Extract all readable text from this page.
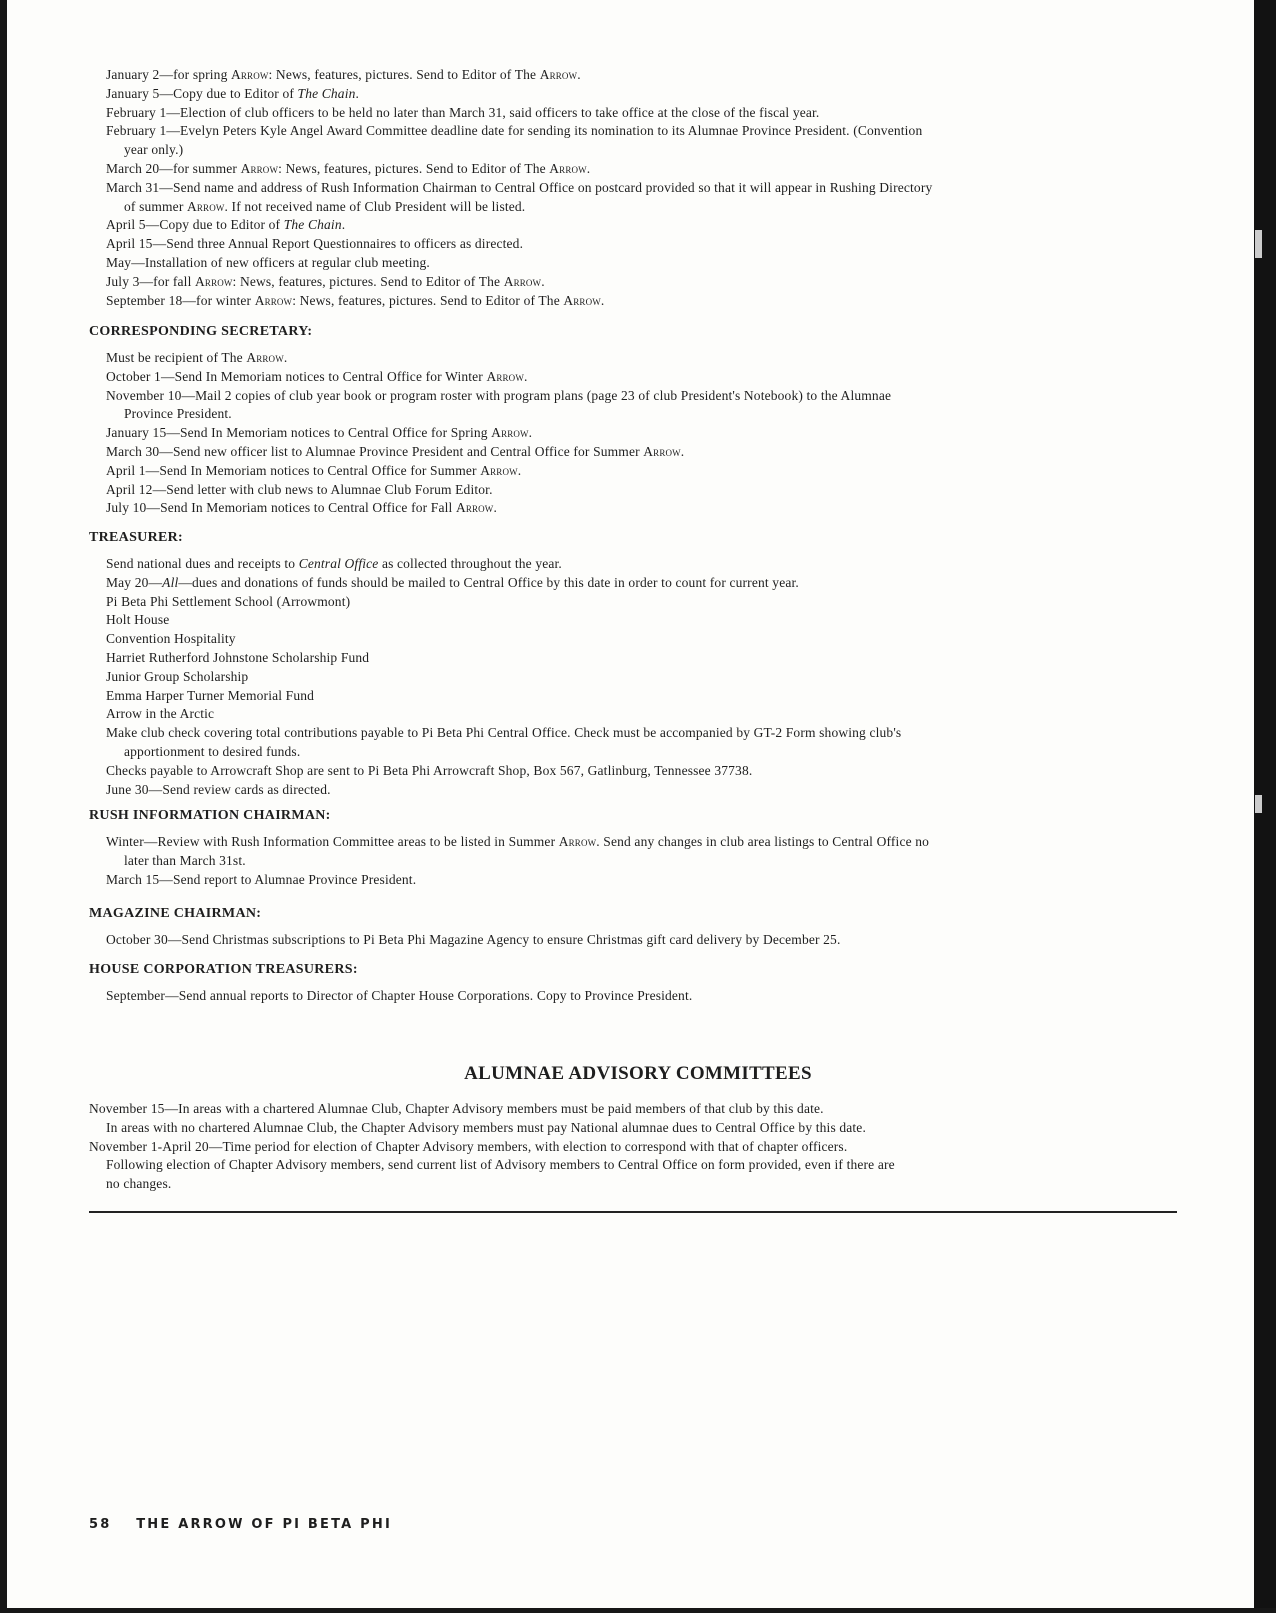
January 2—for spring Arrow: News, features, pictures. Send to Editor of The Arrow.

January 5—Copy due to Editor of The Chain.

February 1—Election of club officers to be held no later than March 31, said officers to take office at the close of the fiscal year.

February 1—Evelyn Peters Kyle Angel Award Committee deadline date for sending its nomination to its Alumnae Province President. (Convention
year only.)

March 20—for summer Arrow: News, features, pictures. Send to Editor of The Arrow.

March 31—Send name and address of Rush Information Chairman to Central Office on postcard provided so that it will appear in Rushing Directory
of summer Arrow. If not received name of Club President will be listed.

April 5—Copy due to Editor of The Chain.

April 15—Send three Annual Report Questionnaires to officers as directed.

May—Installation of new officers at regular club meeting.

July 3—for fall Arrow: News, features, pictures. Send to Editor of The Arrow.

September 18—for winter Arrow: News, features, pictures. Send to Editor of The Arrow.

CORRESPONDING SECRETARY:

Must be recipient of The Arrow.

October 1—Send In Memoriam notices to Central Office for Winter Arrow.

November 10—Mail 2 copies of club year book or program roster with program plans (page 23 of club President's Notebook) to the Alumnae
Province President.

January 15—Send In Memoriam notices to Central Office for Spring Arrow.

March 30—Send new officer list to Alumnae Province President and Central Office for Summer Arrow.

April 1—Send In Memoriam notices to Central Office for Summer Arrow.

April 12—Send letter with club news to Alumnae Club Forum Editor.

July 10—Send In Memoriam notices to Central Office for Fall Arrow.

TREASURER:

Send national dues and receipts to Central Office as collected throughout the year.

May 20—All—dues and donations of funds should be mailed to Central Office by this date in order to count for current year.

Pi Beta Phi Settlement School (Arrowmont)

Holt House

Convention Hospitality

Harriet Rutherford Johnstone Scholarship Fund

Junior Group Scholarship

Emma Harper Turner Memorial Fund

Arrow in the Arctic

Make club check covering total contributions payable to Pi Beta Phi Central Office. Check must be accompanied by GT-2 Form showing club's
apportionment to desired funds.

Checks payable to Arrowcraft Shop are sent to Pi Beta Phi Arrowcraft Shop, Box 567, Gatlinburg, Tennessee 37738.

June 30—Send review cards as directed.

RUSH INFORMATION CHAIRMAN:

Winter—Review with Rush Information Committee areas to be listed in Summer Arrow. Send any changes in club area listings to Central Office no
later than March 31st.

March 15—Send report to Alumnae Province President.

MAGAZINE CHAIRMAN:

October 30—Send Christmas subscriptions to Pi Beta Phi Magazine Agency to ensure Christmas gift card delivery by December 25.

HOUSE CORPORATION TREASURERS:

September—Send annual reports to Director of Chapter House Corporations. Copy to Province President.

ALUMNAE ADVISORY COMMITTEES

November 15—In areas with a chartered Alumnae Club, Chapter Advisory members must be paid members of that club by this date.

In areas with no chartered Alumnae Club, the Chapter Advisory members must pay National alumnae dues to Central Office by this date.

November 1-April 20—Time period for election of Chapter Advisory members, with election to correspond with that of chapter officers.

Following election of Chapter Advisory members, send current list of Advisory members to Central Office on form provided, even if there are
no changes.

58 THE ARROW OF PI BETA PHI
